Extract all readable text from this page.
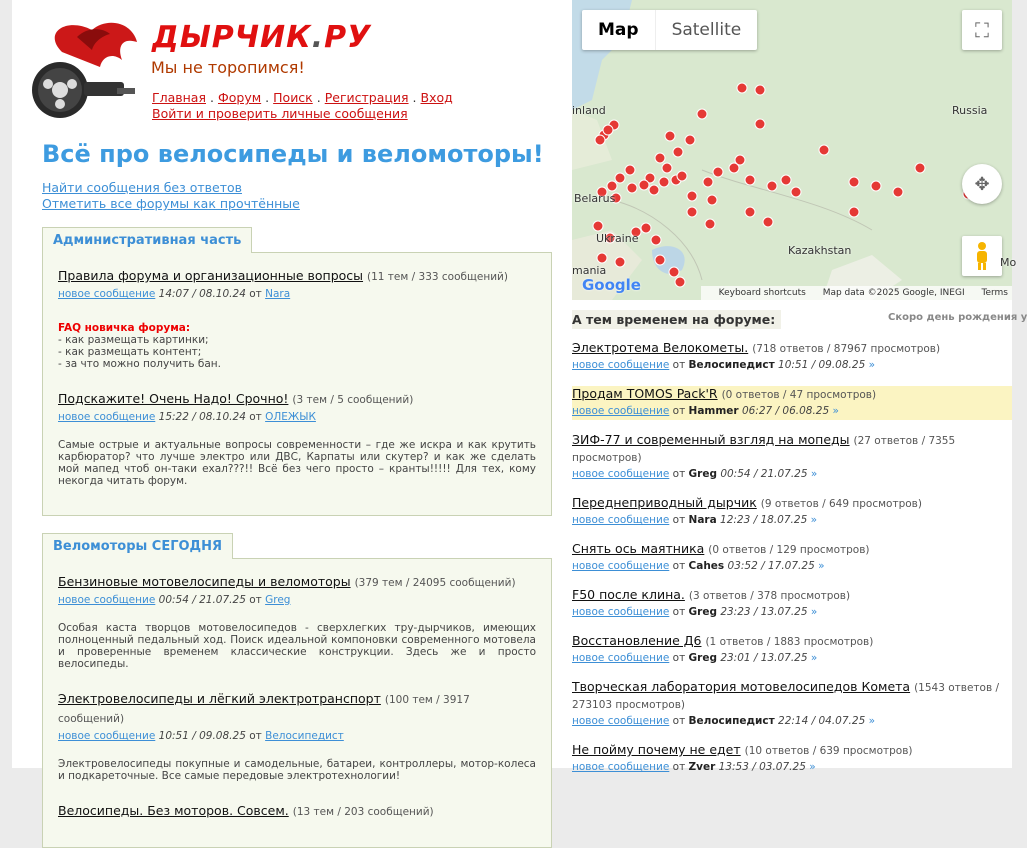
ДЫРЧИК.РУ
Мы не торопимся!
Главная . Форум . Поиск . Регистрация . Вход
Войти и проверить личные сообщения
Всё про велосипеды и веломоторы!
Найти сообщения без ответов
Отметить все форумы как прочтённые
Административная часть
Правила форума и организационные вопросы (11 тем / 333 сообщений)
новое сообщение 14:07 / 08.10.24 от Nara
FAQ новичка форума:
- как размещать картинки;
- как размещать контент;
- за что можно получить бан.
Подскажите! Очень Надо! Срочно! (3 тем / 5 сообщений)
новое сообщение 15:22 / 08.10.24 от ОЛЕЖЫК
Самые острые и актуальные вопросы современности – где же искра и как крутить карбюратор? что лучше электро или ДВС, Карпаты или скутер? и как же сделать мой мапед чтоб он-таки ехал???!! Всё без чего просто – кранты!!!!! Для тех, кому некогда читать форум.
Веломоторы СЕГОДНЯ
Бензиновые мотовелосипеды и веломоторы (379 тем / 24095 сообщений)
новое сообщение 00:54 / 21.07.25 от Greg
Особая каста творцов мотовелосипедов - сверхлегких тру-дырчиков, имеющих полноценный педальный ход. Поиск идеальной компоновки современного мотовела и проверенные временем классические конструкции. Здесь же и просто велосипеды.
Электровелосипеды и лёгкий электротранспорт (100 тем / 3917 сообщений)
новое сообщение 10:51 / 09.08.25 от Велосипедист
Электровелосипеды покупные и самодельные, батареи, контроллеры, мотор-колеса и подкареточные. Все самые передовые электротехнологии!
Велосипеды. Без моторов. Совсем. (13 тем / 203 сообщений)
Map	Satellite	⛶
✥
inland	Russia
Belarus
Ukraine
Kazakhstan
mania
Mo
Google	Keyboard shortcuts Map data ©2025 Google, INEGI Terms
А тем временем на форуме:	Скоро день рождения у
Электротема Велокометы. (718 ответов / 87967 просмотров)
новое сообщение от Велосипедист 10:51 / 09.08.25 »
Продам TOMOS Pack'R (0 ответов / 47 просмотров)
новое сообщение от Hammer 06:27 / 06.08.25 »
ЗИФ-77 и современный взгляд на мопеды (27 ответов / 7355 просмотров)
новое сообщение от Greg 00:54 / 21.07.25 »
Переднеприводный дырчик (9 ответов / 649 просмотров)
новое сообщение от Nara 12:23 / 18.07.25 »
Снять ось маятника (0 ответов / 129 просмотров)
новое сообщение от Cahes 03:52 / 17.07.25 »
F50 после клина. (3 ответов / 378 просмотров)
новое сообщение от Greg 23:23 / 13.07.25 »
Восстановление Д6 (1 ответов / 1883 просмотров)
новое сообщение от Greg 23:01 / 13.07.25 »
Творческая лаборатория мотовелосипедов Комета (1543 ответов / 273103 просмотров)
новое сообщение от Велосипедист 22:14 / 04.07.25 »
Не пойму почему не едет (10 ответов / 639 просмотров)
новое сообщение от Zver 13:53 / 03.07.25 »
